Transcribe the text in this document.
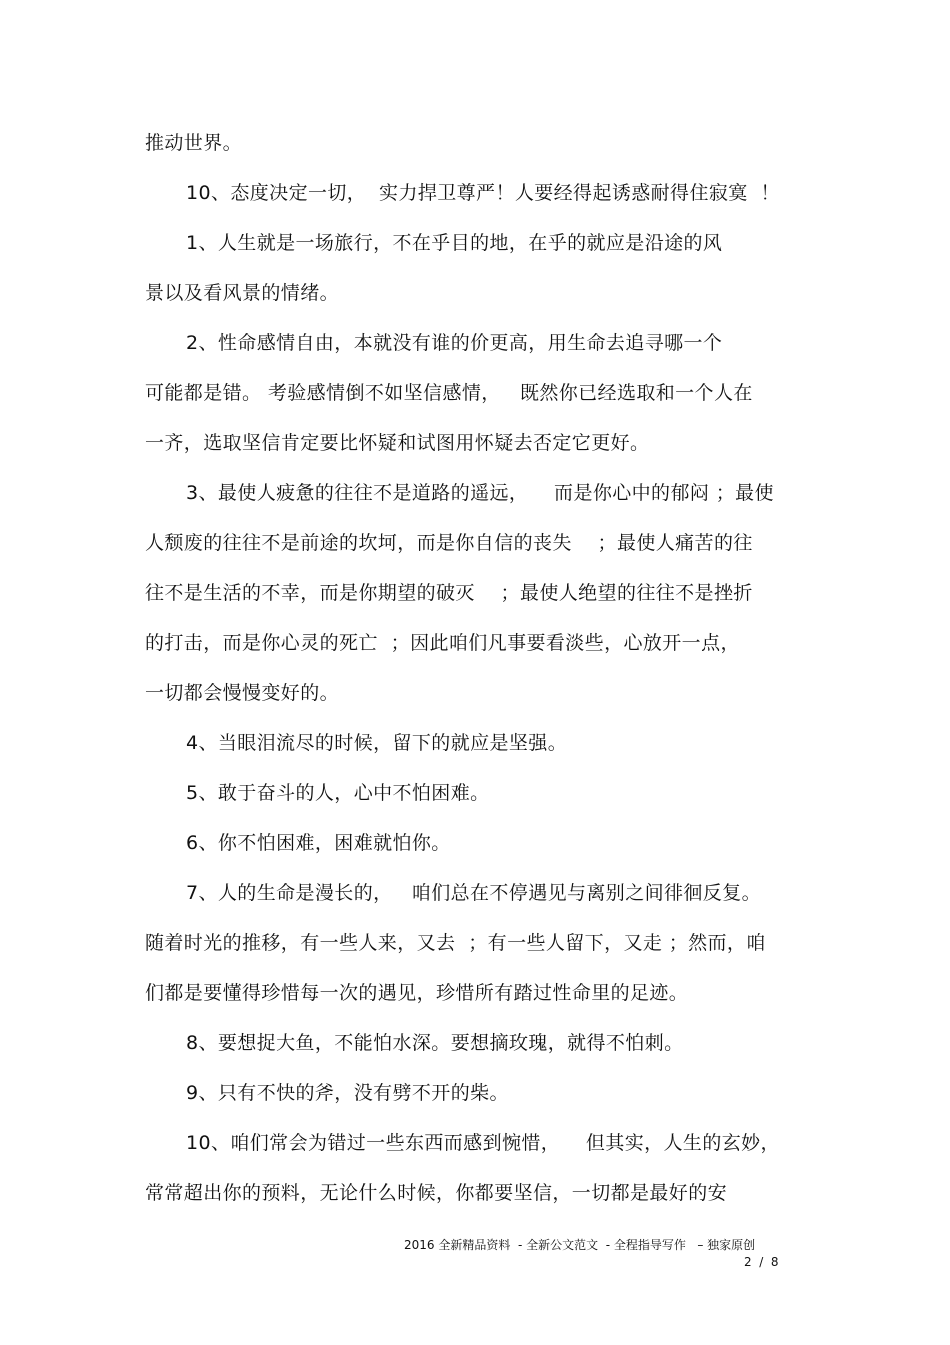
推动世界。
10、态度决定一切，  实力捍卫尊严！人要经得起诱惑耐得住寂寞  ！
1、人生就是一场旅行，不在乎目的地，在乎的就应是沿途的风
景以及看风景的情绪。
2、性命感情自由，本就没有谁的价更高，用生命去追寻哪一个
可能都是错。 考验感情倒不如坚信感情，   既然你已经选取和一个人在
一齐，选取坚信肯定要比怀疑和试图用怀疑去否定它更好。
3、最使人疲惫的往往不是道路的遥远，    而是你心中的郁闷 ；最使
人颓废的往往不是前途的坎坷，而是你自信的丧失    ；最使人痛苦的往
往不是生活的不幸，而是你期望的破灭    ；最使人绝望的往往不是挫折
的打击，而是你心灵的死亡  ；因此咱们凡事要看淡些，心放开一点，
一切都会慢慢变好的。
4、当眼泪流尽的时候，留下的就应是坚强。
5、敢于奋斗的人，心中不怕困难。
6、你不怕困难，困难就怕你。
7、人的生命是漫长的，   咱们总在不停遇见与离别之间徘徊反复。
随着时光的推移，有一些人来，又去  ；有一些人留下，又走 ；然而，咱
们都是要懂得珍惜每一次的遇见，珍惜所有踏过性命里的足迹。
8、要想捉大鱼，不能怕水深。要想摘玫瑰，就得不怕刺。
9、只有不快的斧，没有劈不开的柴。
10、咱们常会为错过一些东西而感到惋惜，    但其实，人生的玄妙，
常常超出你的预料，无论什么时候，你都要坚信，一切都是最好的安
2016 全新精品资料  - 全新公文范文  - 全程指导写作   – 独家原创
2  /  8
